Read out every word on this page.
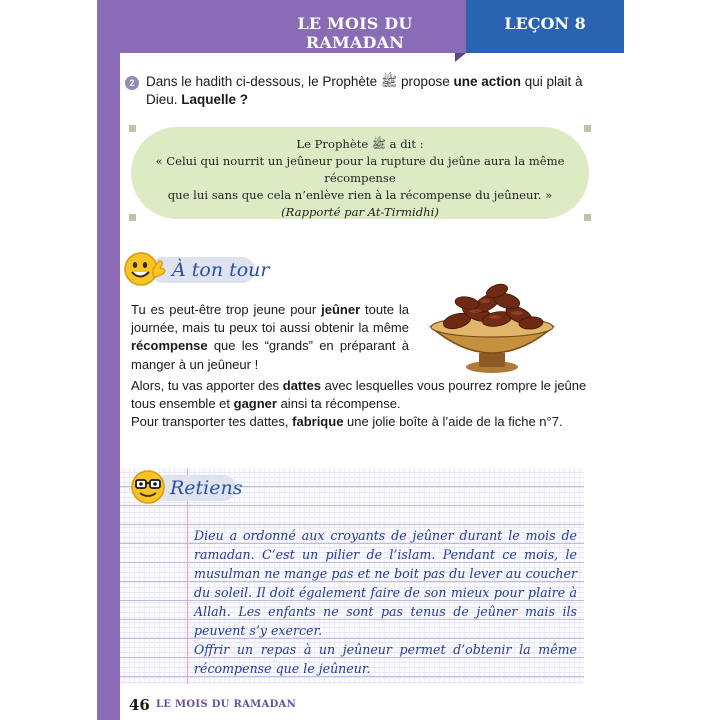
LE MOIS DU RAMADAN
LEÇON 8
2 Dans le hadith ci-dessous, le Prophète ﷺ propose une action qui plait à
Dieu. Laquelle ?
Le Prophète ﷺ a dit :
« Celui qui nourrit un jeûneur pour la rupture du jeûne aura la même récompense
que lui sans que cela n’enlève rien à la récompense du jeûneur. »
(Rapporté par At-Tirmidhi)
À ton tour
Tu es peut-être trop jeune pour jeûner toute la journée, mais tu peux toi aussi obtenir la même récompense que les “grands” en préparant à manger à un jeûneur !
Alors, tu vas apporter des dattes avec lesquelles vous pourrez rompre le jeûne tous ensemble et gagner ainsi ta récompense.
Pour transporter tes dattes, fabrique une jolie boîte à l’aide de la fiche n°7.
Retiens
Dieu a ordonné aux croyants de jeûner durant le mois de ramadan. C’est un pilier de l’islam. Pendant ce mois, le musulman ne mange pas et ne boit pas du lever au coucher du soleil. Il doit également faire de son mieux pour plaire à Allah. Les enfants ne sont pas tenus de jeûner mais ils peuvent s’y exercer.
Offrir un repas à un jeûneur permet d’obtenir la même récompense que le jeûneur.
46 LE MOIS DU RAMADAN
